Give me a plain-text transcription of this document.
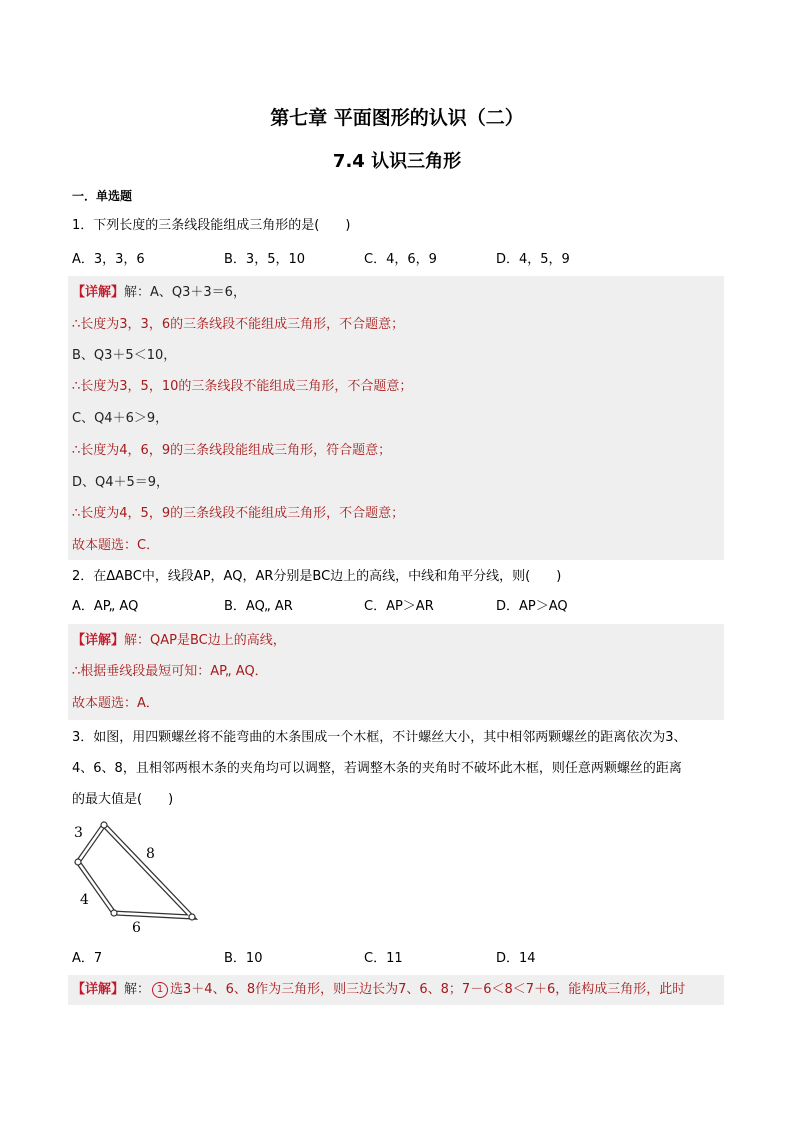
第七章 平面图形的认识（二）
7.4 认识三角形
一．单选题
1．下列长度的三条线段能组成三角形的是(　　)
A．3，3，6	B．3，5，10	C．4，6，9	D．4，5，9
【详解】解：A、Q3＋3＝6，
∴长度为3，3，6的三条线段不能组成三角形，不合题意；
B、Q3＋5＜10，
∴长度为3，5，10的三条线段不能组成三角形，不合题意；
C、Q4＋6＞9，
∴长度为4，6，9的三条线段能组成三角形，符合题意；
D、Q4＋5＝9，
∴长度为4，5，9的三条线段不能组成三角形，不合题意；
故本题选：C．
2．在ΔABC中，线段AP，AQ，AR分别是BC边上的高线，中线和角平分线，则(　　)
A．AP„ AQ	B．AQ„ AR	C．AP＞AR	D．AP＞AQ
【详解】解：QAP是BC边上的高线，
∴根据垂线段最短可知：AP„ AQ．
故本题选：A．
3．如图，用四颗螺丝将不能弯曲的木条围成一个木框，不计螺丝大小，其中相邻两颗螺丝的距离依次为3、
4、6、8，且相邻两根木条的夹角均可以调整，若调整木条的夹角时不破坏此木框，则任意两颗螺丝的距离
的最大值是(　　)
3
8
4
6
A．7	B．10	C．11	D．14
【详解】解： 1 选3＋4、6、8作为三角形，则三边长为7、6、8；7－6＜8＜7＋6，能构成三角形，此时
